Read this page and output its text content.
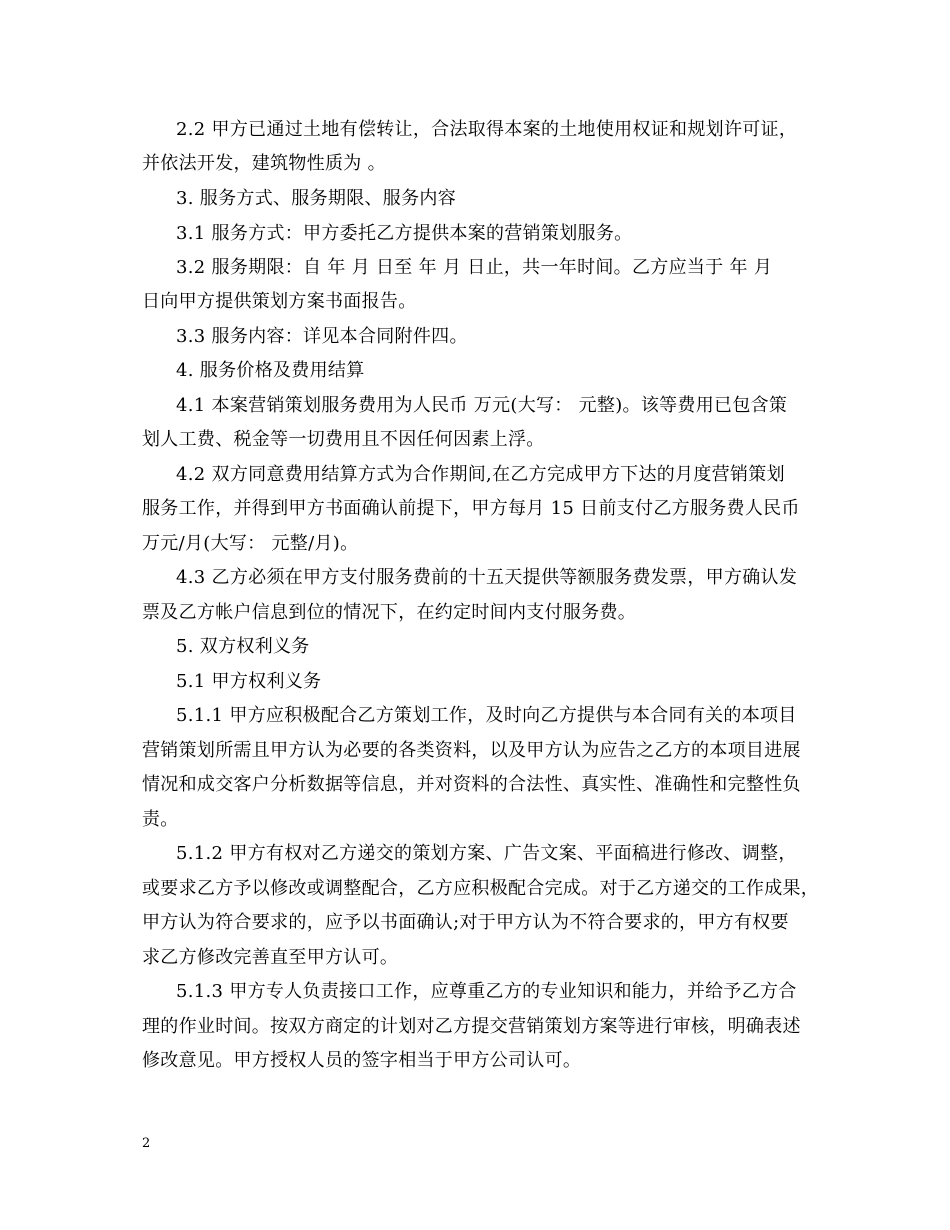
2.2 甲方已通过土地有偿转让，合法取得本案的土地使用权证和规划许可证，
并依法开发，建筑物性质为 。
3. 服务方式、服务期限、服务内容
3.1 服务方式：甲方委托乙方提供本案的营销策划服务。
3.2 服务期限：自 年 月 日至 年 月 日止，共一年时间。乙方应当于 年 月
日向甲方提供策划方案书面报告。
3.3 服务内容：详见本合同附件四。
4. 服务价格及费用结算
4.1 本案营销策划服务费用为人民币 万元(大写： 元整)。该等费用已包含策
划人工费、税金等一切费用且不因任何因素上浮。
4.2 双方同意费用结算方式为合作期间,在乙方完成甲方下达的月度营销策划
服务工作，并得到甲方书面确认前提下，甲方每月 15 日前支付乙方服务费人民币
万元/月(大写： 元整/月)。
4.3 乙方必须在甲方支付服务费前的十五天提供等额服务费发票，甲方确认发
票及乙方帐户信息到位的情况下，在约定时间内支付服务费。
5. 双方权利义务
5.1 甲方权利义务
5.1.1 甲方应积极配合乙方策划工作，及时向乙方提供与本合同有关的本项目
营销策划所需且甲方认为必要的各类资料，以及甲方认为应告之乙方的本项目进展
情况和成交客户分析数据等信息，并对资料的合法性、真实性、准确性和完整性负
责。
5.1.2 甲方有权对乙方递交的策划方案、广告文案、平面稿进行修改、调整，
或要求乙方予以修改或调整配合，乙方应积极配合完成。对于乙方递交的工作成果，
甲方认为符合要求的，应予以书面确认;对于甲方认为不符合要求的，甲方有权要
求乙方修改完善直至甲方认可。
5.1.3 甲方专人负责接口工作，应尊重乙方的专业知识和能力，并给予乙方合
理的作业时间。按双方商定的计划对乙方提交营销策划方案等进行审核，明确表述
修改意见。甲方授权人员的签字相当于甲方公司认可。
2
